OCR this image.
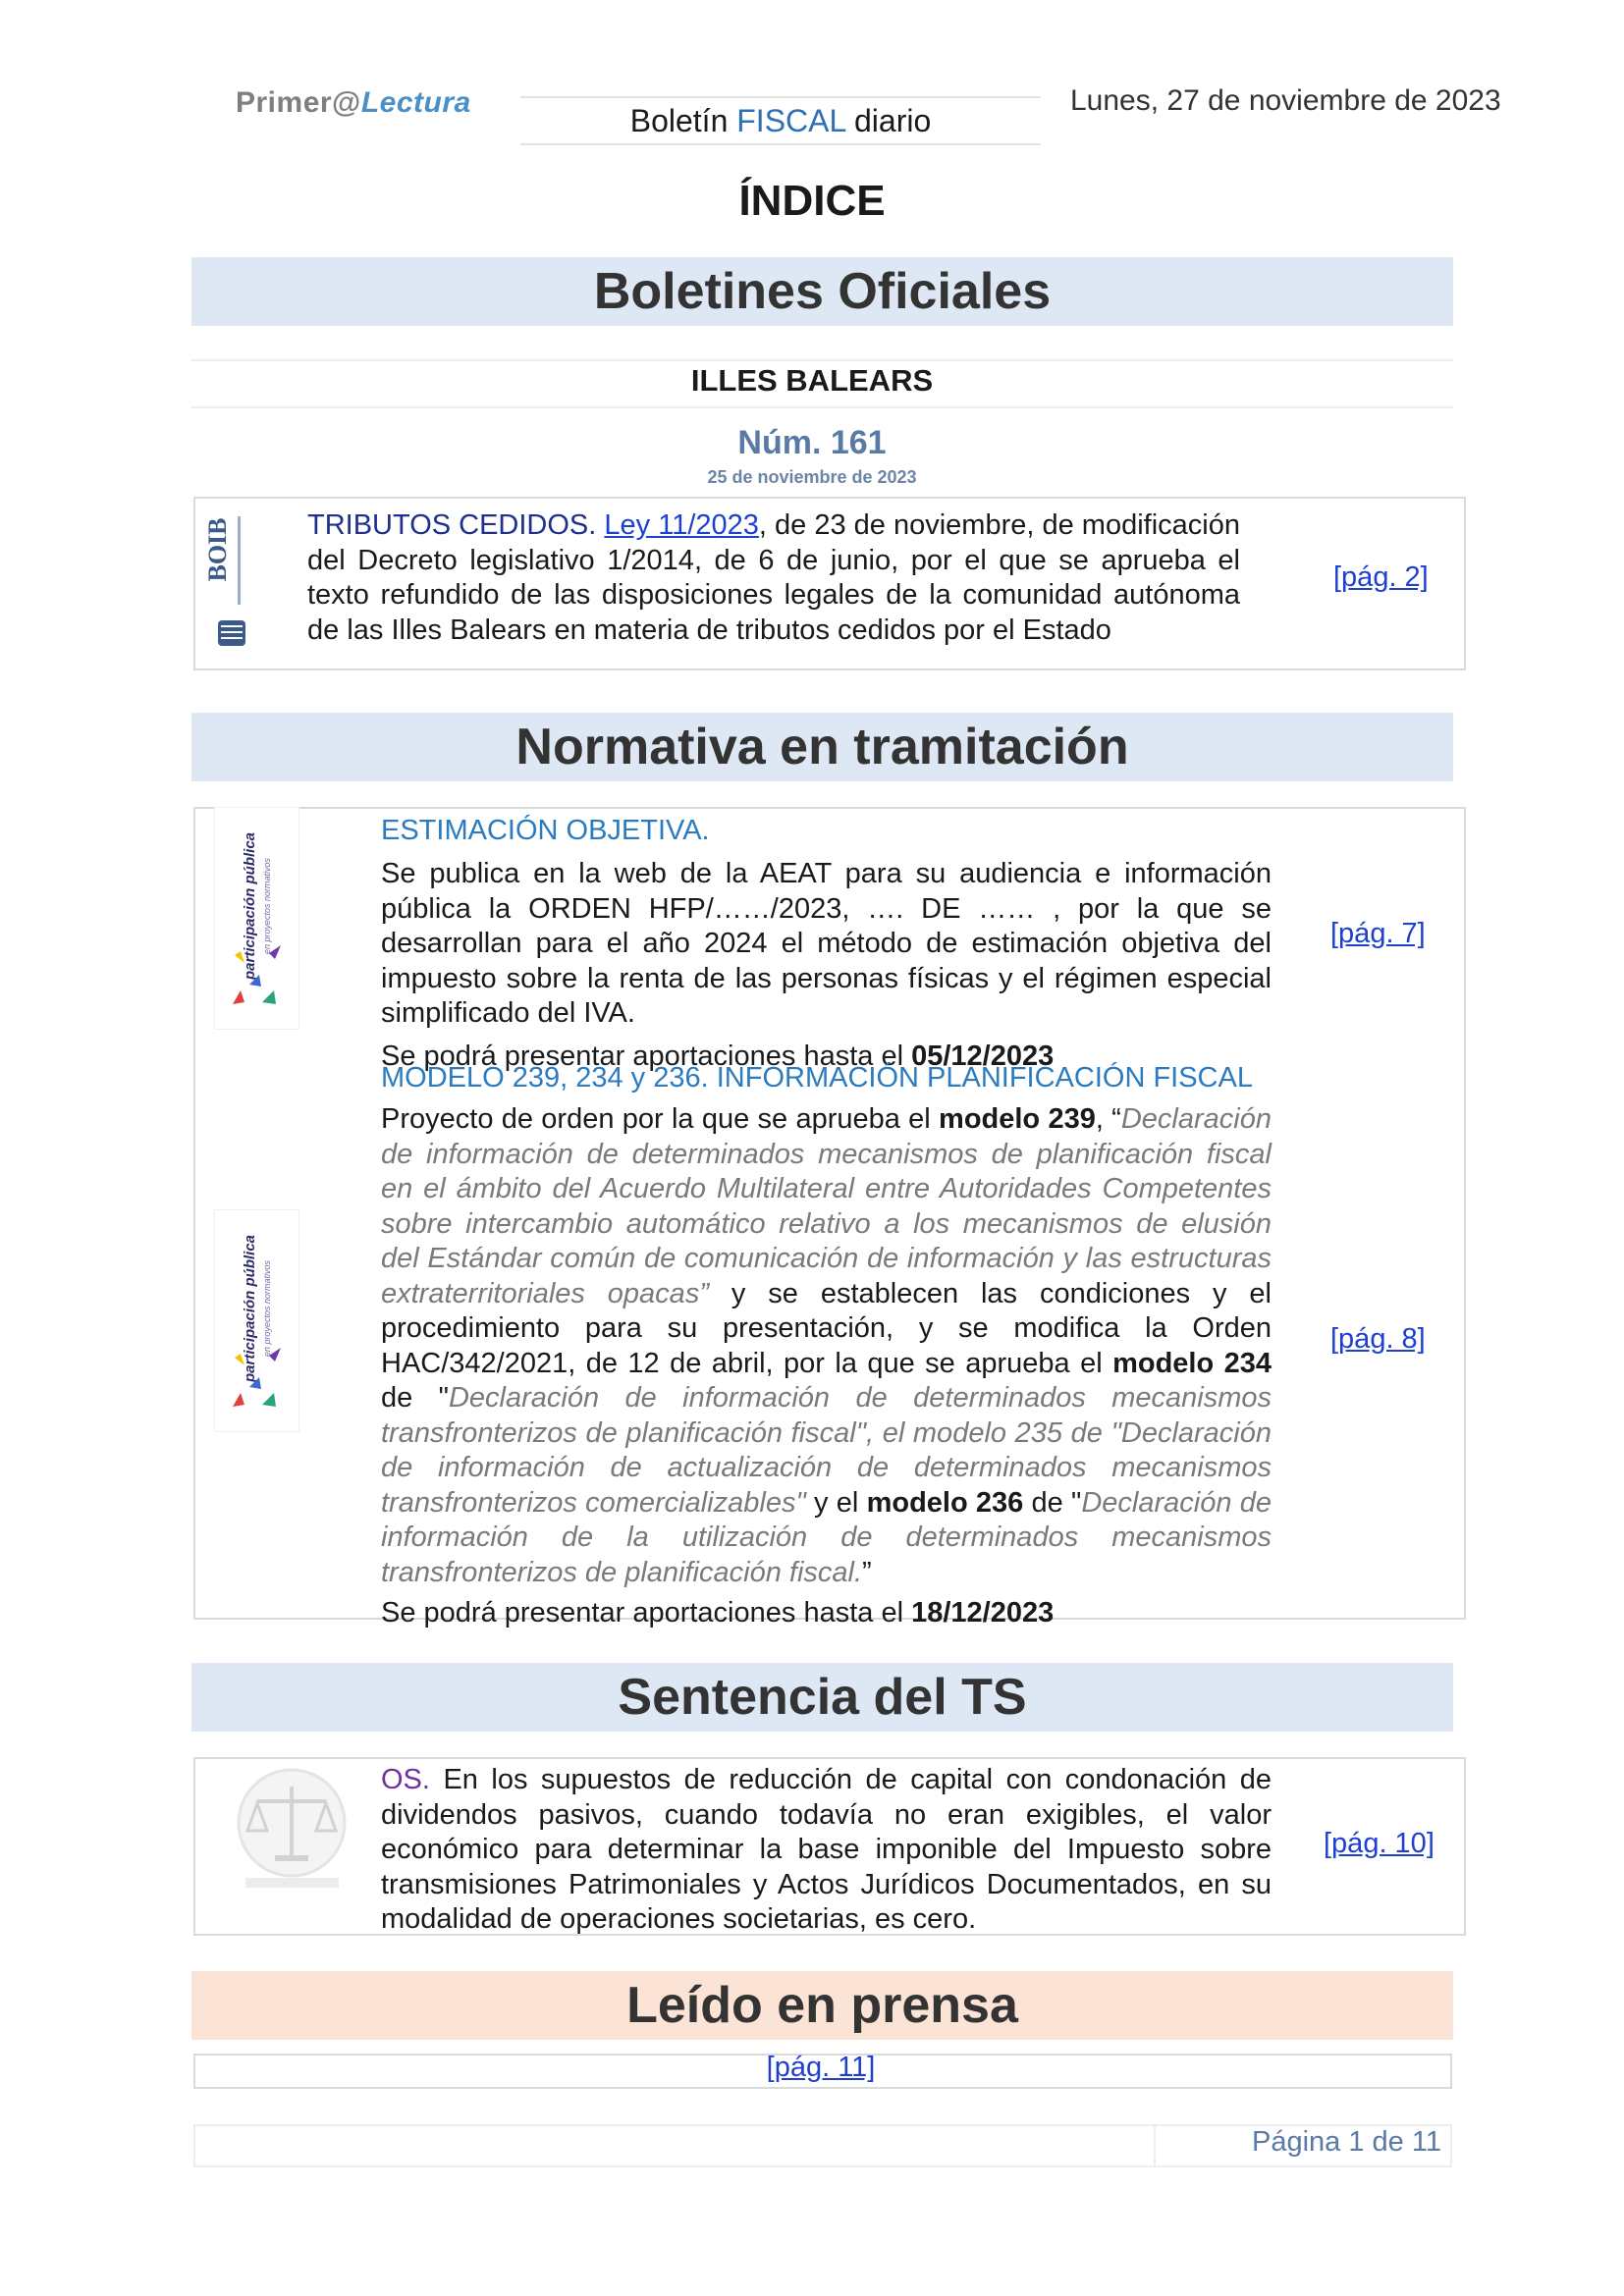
Primer@Lectura
Boletín FISCAL diario
Lunes, 27 de noviembre de 2023
ÍNDICE
Boletines Oficiales
ILLES BALEARS
Núm. 161
25 de noviembre de 2023
BOIB	TRIBUTOS CEDIDOS. Ley 11/2023, de 23 de noviembre, de modificación del Decreto legislativo 1/2014, de 6 de junio, por el que se aprueba el texto refundido de las disposiciones legales de la comunidad autónoma de las Illes Balears en materia de tributos cedidos por el Estado
[pág. 2]
Normativa en tramitación
participación pública en proyectos normativos
ESTIMACIÓN OBJETIVA.
Se publica en la web de la AEAT para su audiencia e información pública la ORDEN HFP/……/2023, …. DE …… , por la que se desarrollan para el año 2024 el método de estimación objetiva del impuesto sobre la renta de las personas físicas y el régimen especial simplificado del IVA.
Se podrá presentar aportaciones hasta el 05/12/2023
[pág. 7]
participación pública en proyectos normativos
MODELO 239, 234 y 236. INFORMACIÓN PLANIFICACIÓN FISCAL
Proyecto de orden por la que se aprueba el modelo 239, “Declaración de información de determinados mecanismos de planificación fiscal en el ámbito del Acuerdo Multilateral entre Autoridades Competentes sobre intercambio automático relativo a los mecanismos de elusión del Estándar común de comunicación de información y las estructuras extraterritoriales opacas” y se establecen las condiciones y el procedimiento para su presentación, y se modifica la Orden HAC/342/2021, de 12 de abril, por la que se aprueba el modelo 234 de "Declaración de información de determinados mecanismos transfronterizos de planificación fiscal", el modelo 235 de "Declaración de información de actualización de determinados mecanismos transfronterizos comercializables" y el modelo 236 de "Declaración de información de la utilización de determinados mecanismos transfronterizos de planificación fiscal.”
Se podrá presentar aportaciones hasta el 18/12/2023
[pág. 8]
Sentencia del TS
OS. En los supuestos de reducción de capital con condonación de dividendos pasivos, cuando todavía no eran exigibles, el valor económico para determinar la base imponible del Impuesto sobre transmisiones Patrimoniales y Actos Jurídicos Documentados, en su modalidad de operaciones societarias, es cero.
[pág. 10]
Leído en prensa
[pág. 11]
Página 1 de 11
